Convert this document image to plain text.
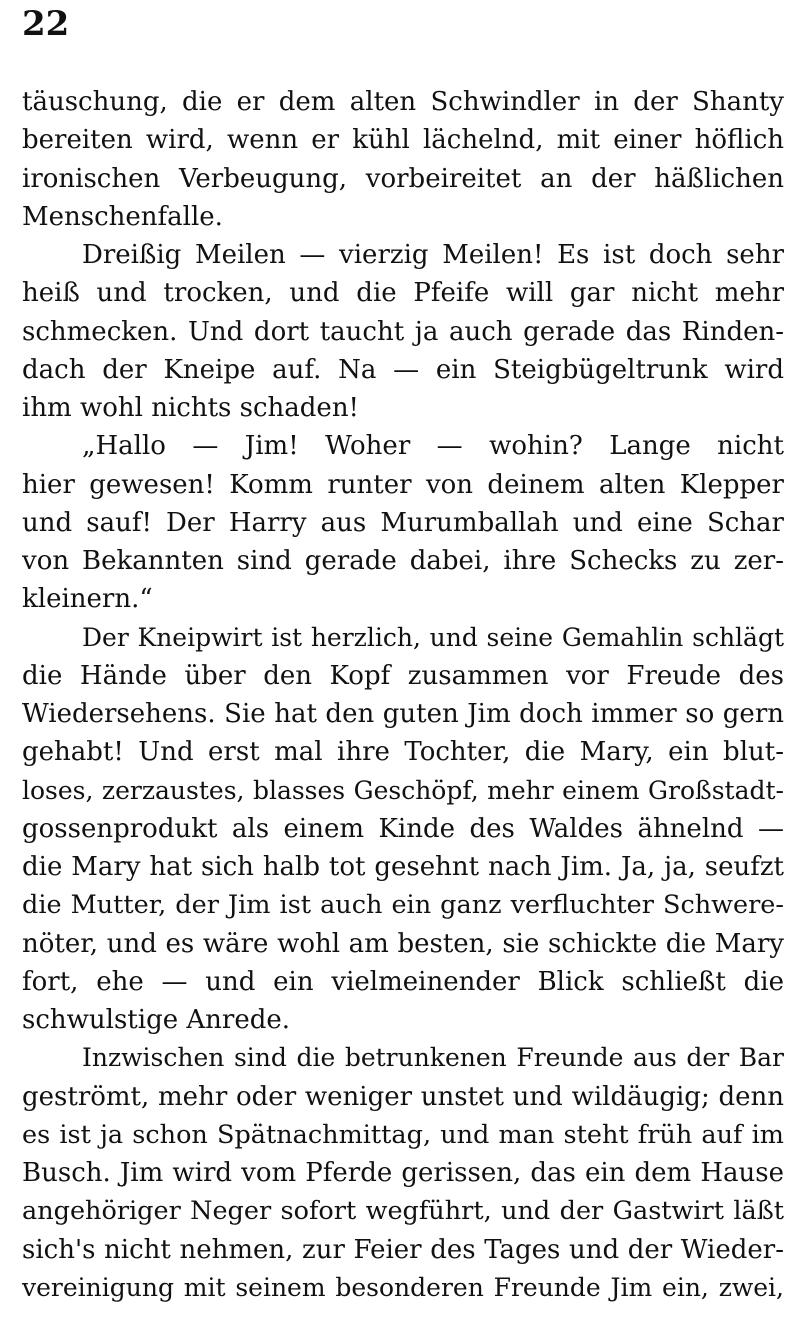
22
täuschung, die er dem alten Schwindler in der Shanty
bereiten wird, wenn er kühl lächelnd, mit einer höflich
ironischen Verbeugung, vorbeireitet an der häßlichen
Menschenfalle.
Dreißig Meilen — vierzig Meilen! Es ist doch sehr
heiß und trocken, und die Pfeife will gar nicht mehr
schmecken. Und dort taucht ja auch gerade das Rinden-
dach der Kneipe auf. Na — ein Steigbügeltrunk wird
ihm wohl nichts schaden!
„Hallo — Jim! Woher — wohin? Lange nicht
hier gewesen! Komm runter von deinem alten Klepper
und sauf! Der Harry aus Murumballah und eine Schar
von Bekannten sind gerade dabei, ihre Schecks zu zer-
kleinern.“
Der Kneipwirt ist herzlich, und seine Gemahlin schlägt
die Hände über den Kopf zusammen vor Freude des
Wiedersehens. Sie hat den guten Jim doch immer so gern
gehabt! Und erst mal ihre Tochter, die Mary, ein blut-
loses, zerzaustes, blasses Geschöpf, mehr einem Großstadt-
gossenprodukt als einem Kinde des Waldes ähnelnd —
die Mary hat sich halb tot gesehnt nach Jim. Ja, ja, seufzt
die Mutter, der Jim ist auch ein ganz verfluchter Schwere-
nöter, und es wäre wohl am besten, sie schickte die Mary
fort, ehe — und ein vielmeinender Blick schließt die
schwulstige Anrede.
Inzwischen sind die betrunkenen Freunde aus der Bar
geströmt, mehr oder weniger unstet und wildäugig; denn
es ist ja schon Spätnachmittag, und man steht früh auf im
Busch. Jim wird vom Pferde gerissen, das ein dem Hause
angehöriger Neger sofort wegführt, und der Gastwirt läßt
sich's nicht nehmen, zur Feier des Tages und der Wieder-
vereinigung mit seinem besonderen Freunde Jim ein, zwei,
